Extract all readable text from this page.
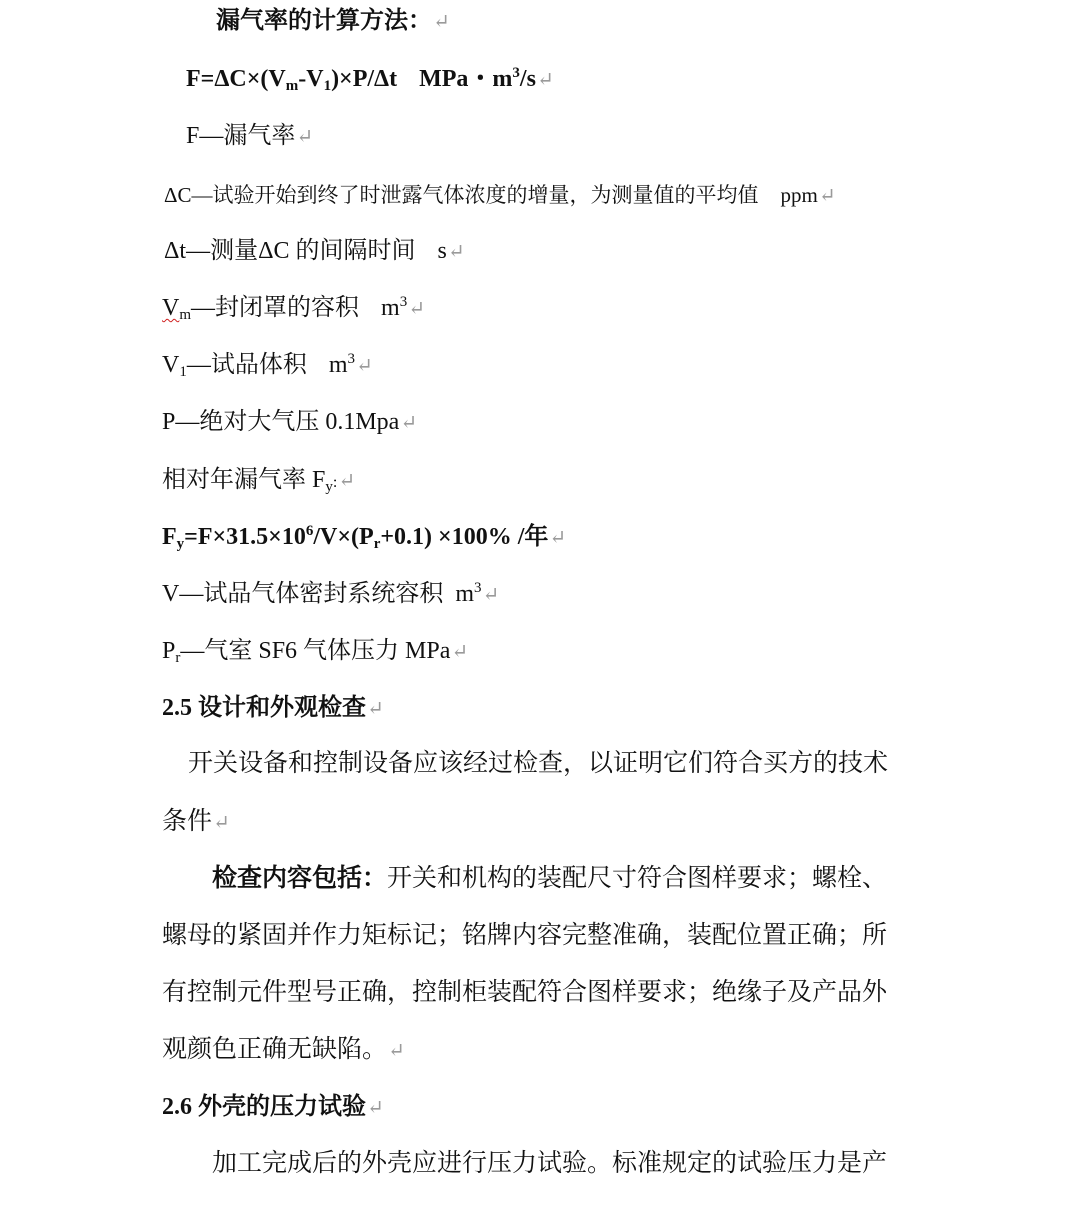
漏气率的计算方法：↵
$F=\Delta C\times(V_m-V_1)\times P/\Delta t$ MPa・$m^3/s↵$
F—漏气率↵
ΔC—试验开始到终了时泄露气体浓度的增量，为测量值的平均值 ppm↵
Δt—测量ΔC 的间隔时间 s↵
$V_m—$封闭罩的容积 $m^3↵$
$V_1—$试品体积 $m^3↵$
P—绝对大气压 0.1Mpa↵
相对年漏气率 $F_y:↵$
$F_y=F\times 31.5\times 10^6/V\times(P_r+0.1) \times 100\%$ /年↵
V—试品气体密封系统容积 $m^3↵$
$P_r—$气室 SF6 气体压力 MPa↵
2.5 设计和外观检查↵
开关设备和控制设备应该经过检查，以证明它们符合买方的技术
条件↵
检查内容包括：开关和机构的装配尺寸符合图样要求；螺栓、
螺母的紧固并作力矩标记；铭牌内容完整准确，装配位置正确；所
有控制元件型号正确，控制柜装配符合图样要求；绝缘子及产品外
观颜色正确无缺陷。↵
2.6 外壳的压力试验↵
加工完成后的外壳应进行压力试验。标准规定的试验压力是产
